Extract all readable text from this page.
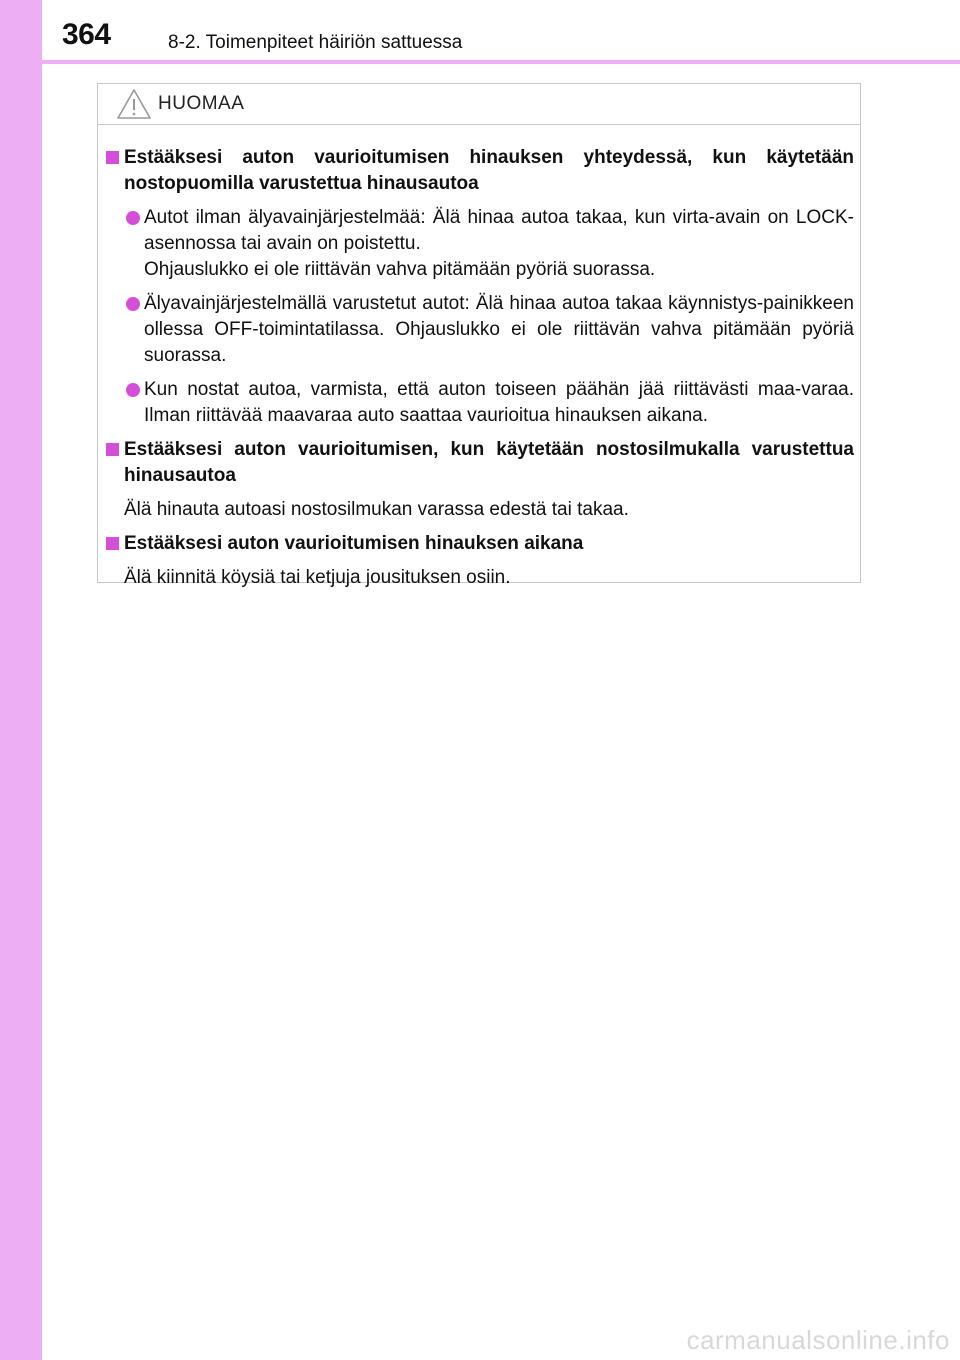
364	8-2. Toimenpiteet häiriön sattuessa
HUOMAA
Estääksesi auton vaurioitumisen hinauksen yhteydessä, kun käytetään nostopuomilla varustettua hinausautoa
Autot ilman älyavainjärjestelmää: Älä hinaa autoa takaa, kun virta-avain on LOCK-asennossa tai avain on poistettu.
Ohjauslukko ei ole riittävän vahva pitämään pyöriä suorassa.
Älyavainjärjestelmällä varustetut autot: Älä hinaa autoa takaa käynnistys-painikkeen ollessa OFF-toimintatilassa. Ohjauslukko ei ole riittävän vahva pitämään pyöriä suorassa.
Kun nostat autoa, varmista, että auton toiseen päähän jää riittävästi maa-varaa. Ilman riittävää maavaraa auto saattaa vaurioitua hinauksen aikana.
Estääksesi auton vaurioitumisen, kun käytetään nostosilmukalla varustettua hinausautoa
Älä hinauta autoasi nostosilmukan varassa edestä tai takaa.
Estääksesi auton vaurioitumisen hinauksen aikana
Älä kiinnitä köysiä tai ketjuja jousituksen osiin.
carmanualsonline.info
